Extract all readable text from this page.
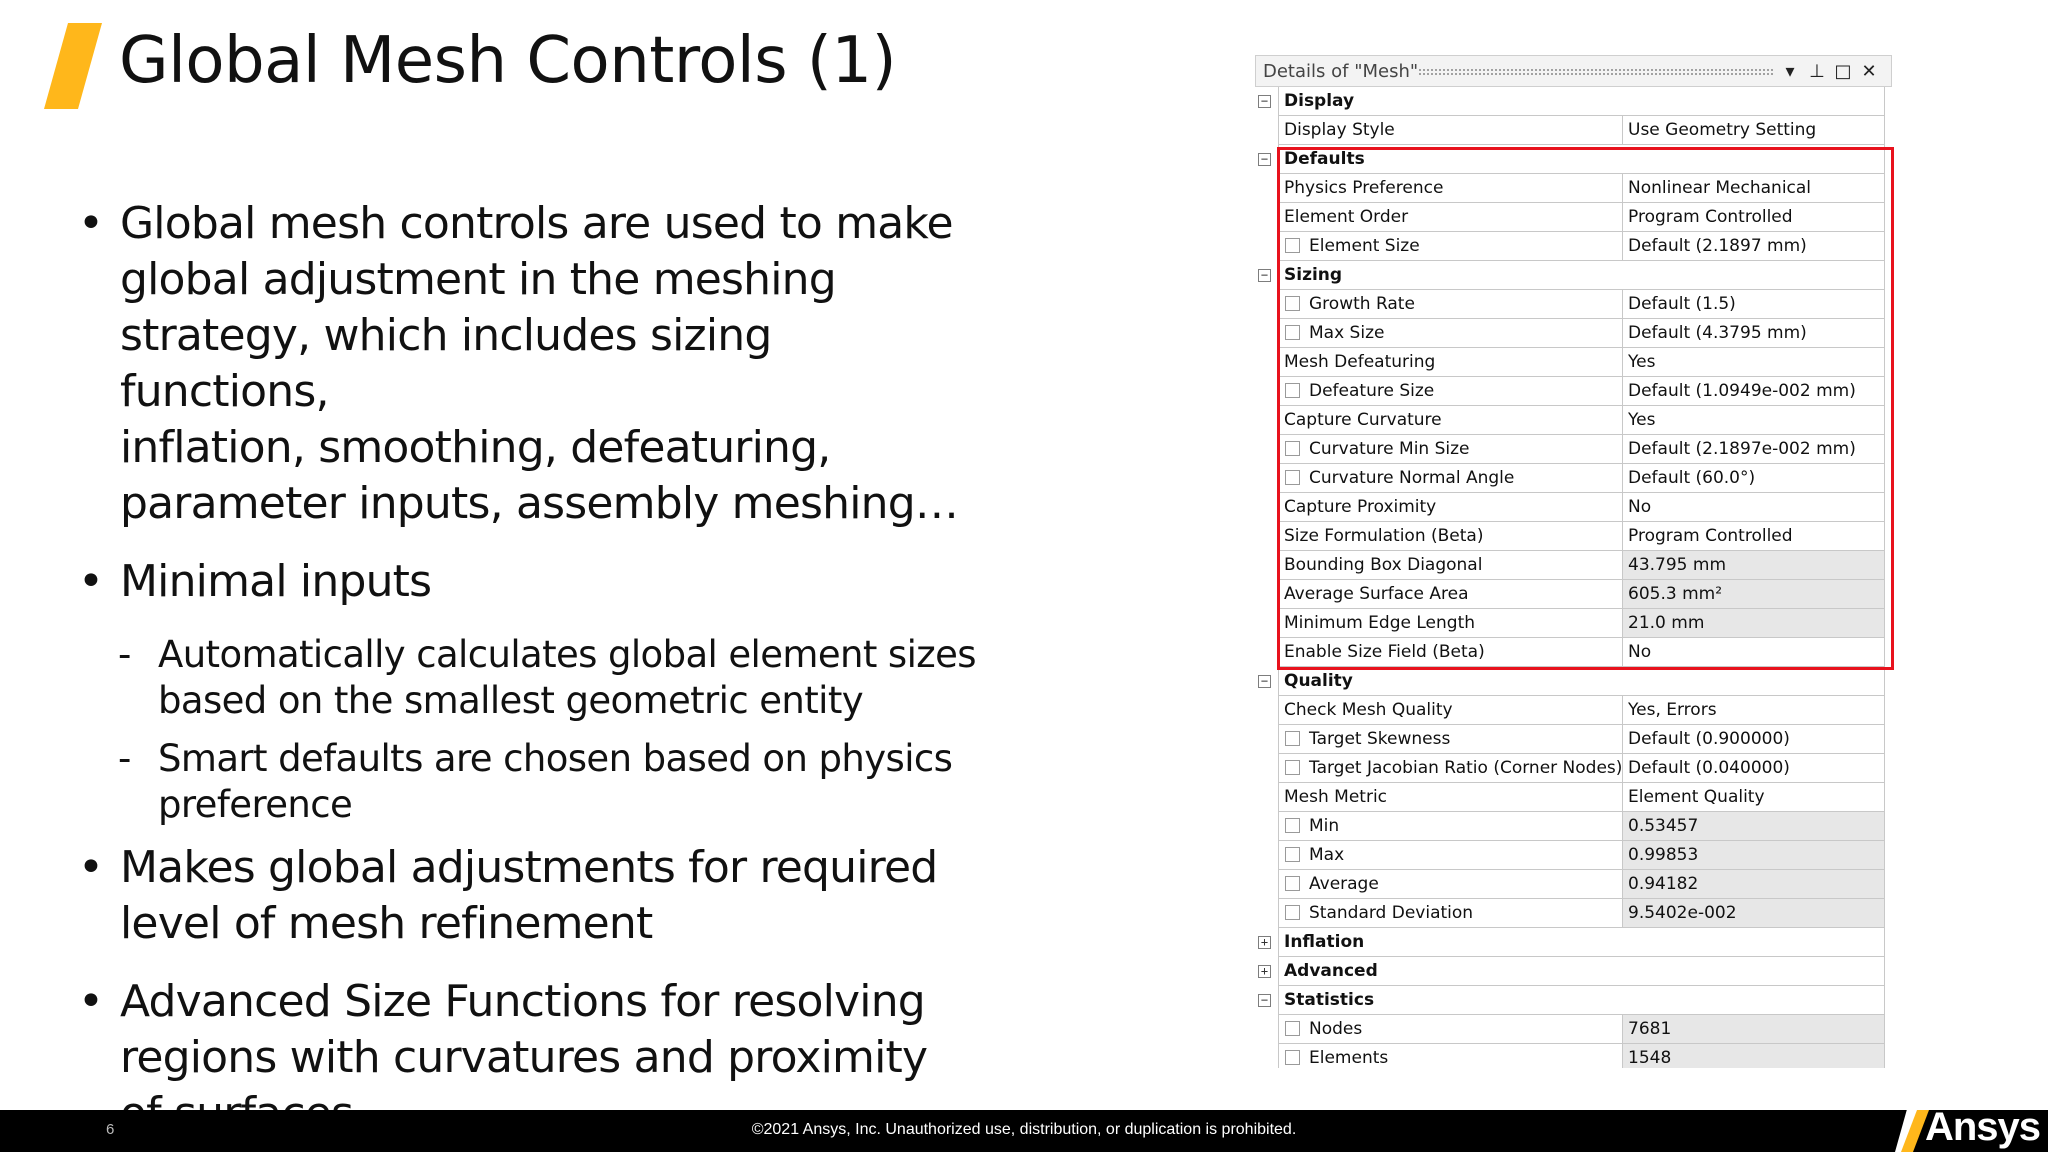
Global Mesh Controls (1)
• Global mesh controls are used to make
global adjustment in the meshing
strategy, which includes sizing functions,
inflation, smoothing, defeaturing,
parameter inputs, assembly meshing…
• Minimal inputs
- Automatically calculates global element sizes
based on the smallest geometric entity
- Smart defaults are chosen based on physics
preference
• Makes global adjustments for required
level of mesh refinement
• Advanced Size Functions for resolving
regions with curvatures and proximity
Details of "Mesh"	▾ ⊥ □ ✕
− Display
Display Style	Use Geometry Setting
− Defaults
Physics Preference	Nonlinear Mechanical
Element Order	Program Controlled
Element Size	Default (2.1897 mm)
− Sizing
Growth Rate	Default (1.5)
Max Size	Default (4.3795 mm)
Mesh Defeaturing	Yes
Defeature Size	Default (1.0949e-002 mm)
Capture Curvature	Yes
Curvature Min Size	Default (2.1897e-002 mm)
Curvature Normal Angle	Default (60.0°)
Capture Proximity	No
Size Formulation (Beta)	Program Controlled
Bounding Box Diagonal	43.795 mm
Average Surface Area	605.3 mm²
Minimum Edge Length	21.0 mm
Enable Size Field (Beta)	No
− Quality
Check Mesh Quality	Yes, Errors
Target Skewness	Default (0.900000)
Target Jacobian Ratio (Corner Nodes) Default (0.040000)
Mesh Metric	Element Quality
Min	0.53457
Max	0.99853
Average	0.94182
Standard Deviation	9.5402e-002
+ Inflation
+ Advanced
− Statistics
Nodes	7681
Elements	1548
6	©2021 Ansys, Inc. Unauthorized use, distribution, or duplication is prohibited.	Ansys
